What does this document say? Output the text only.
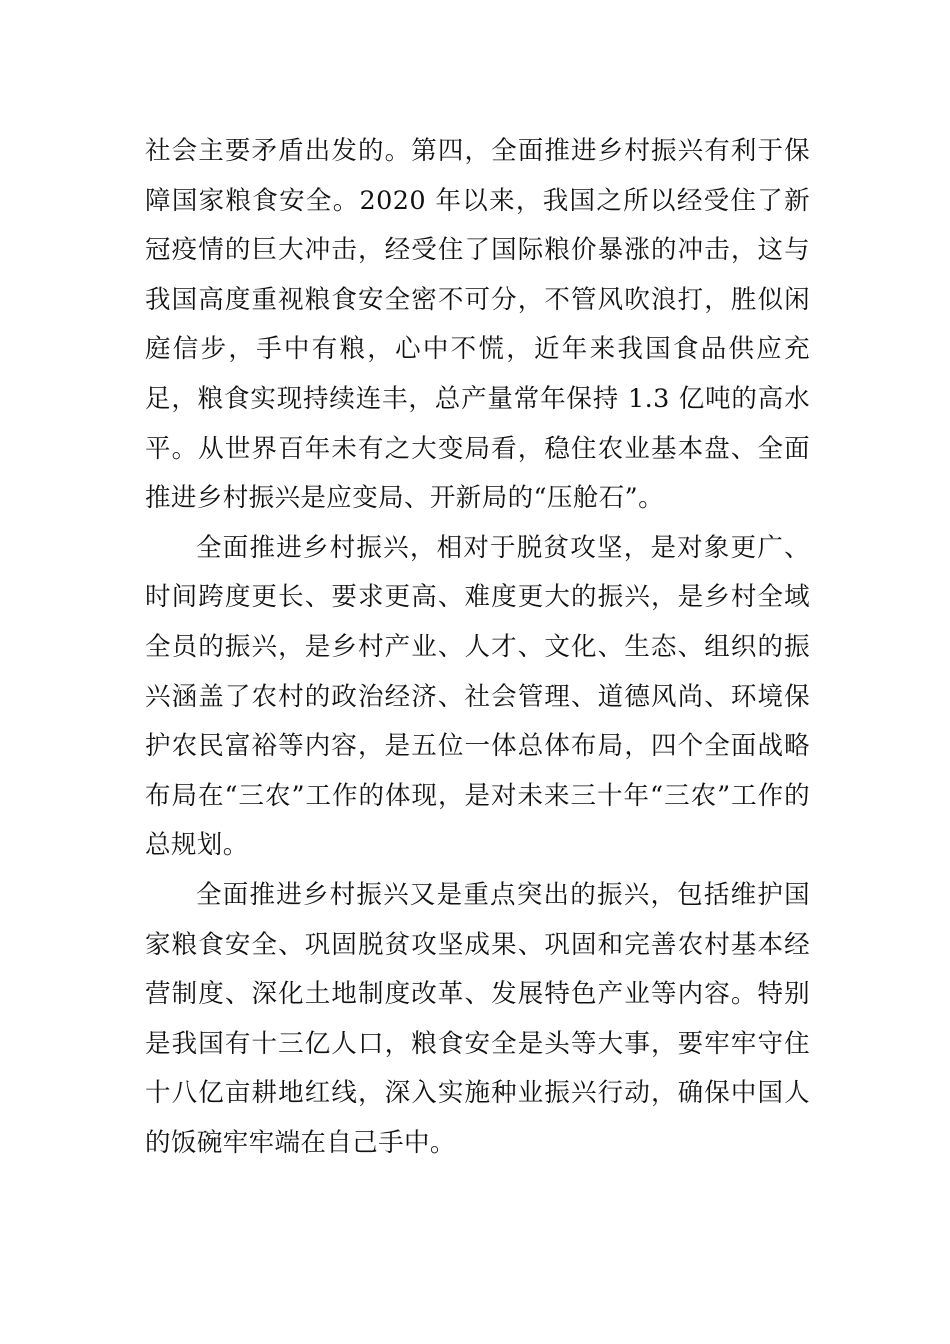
社会主要矛盾出发的。第四，全面推进乡村振兴有利于保障国家粮食安全。2020 年以来，我国之所以经受住了新冠疫情的巨大冲击，经受住了国际粮价暴涨的冲击，这与我国高度重视粮食安全密不可分，不管风吹浪打，胜似闲庭信步，手中有粮，心中不慌，近年来我国食品供应充足，粮食实现持续连丰，总产量常年保持 1.3 亿吨的高水平。从世界百年未有之大变局看，稳住农业基本盘、全面推进乡村振兴是应变局、开新局的“压舱石”。

全面推进乡村振兴，相对于脱贫攻坚，是对象更广、时间跨度更长、要求更高、难度更大的振兴，是乡村全域全员的振兴，是乡村产业、人才、文化、生态、组织的振兴涵盖了农村的政治经济、社会管理、道德风尚、环境保护农民富裕等内容，是五位一体总体布局，四个全面战略布局在“三农”工作的体现，是对未来三十年“三农”工作的总规划。

全面推进乡村振兴又是重点突出的振兴，包括维护国家粮食安全、巩固脱贫攻坚成果、巩固和完善农村基本经营制度、深化土地制度改革、发展特色产业等内容。特别是我国有十三亿人口，粮食安全是头等大事，要牢牢守住十八亿亩耕地红线，深入实施种业振兴行动，确保中国人的饭碗牢牢端在自己手中。
